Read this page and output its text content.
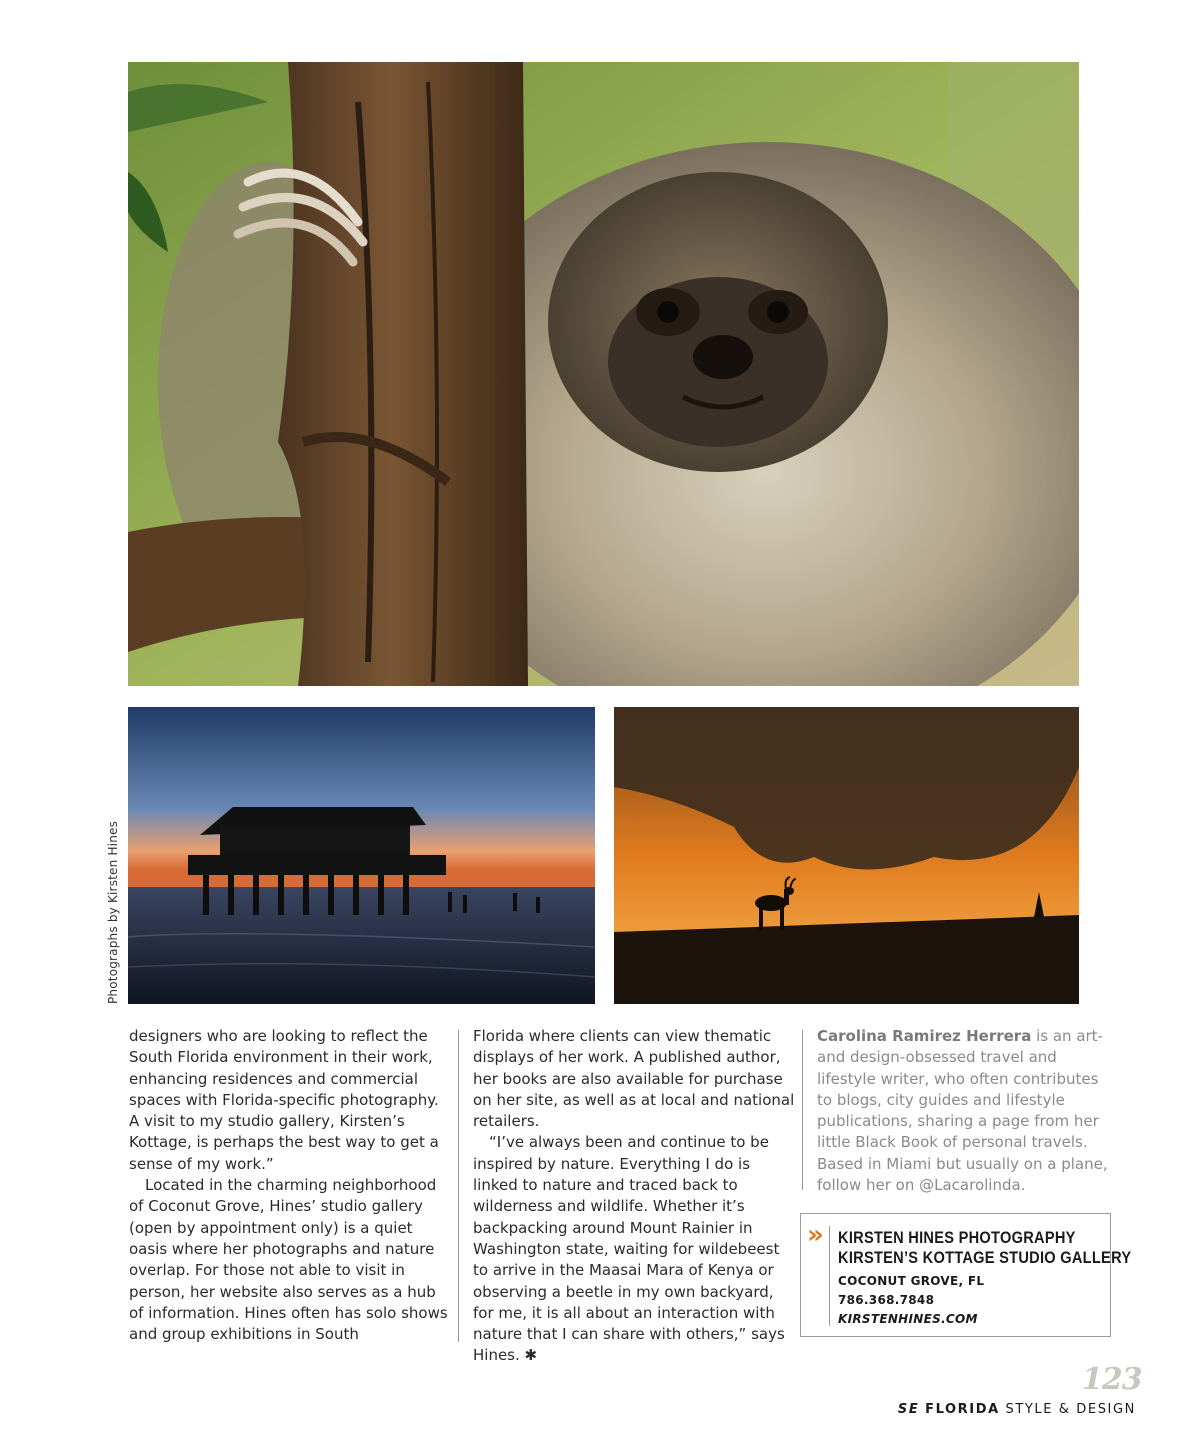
Photographs by Kirsten Hines

designers who are looking to reflect the South Florida environment in their work, enhancing residences and commercial spaces with Florida-specific photography. A visit to my studio gallery, Kirsten’s Kottage, is perhaps the best way to get a sense of my work.”

Located in the charming neighborhood of Coconut Grove, Hines’ studio gallery (open by appointment only) is a quiet oasis where her photographs and nature overlap. For those not able to visit in person, her website also serves as a hub of information. Hines often has solo shows and group exhibitions in South

Florida where clients can view thematic displays of her work. A published author, her books are also available for purchase on her site, as well as at local and national retailers.

“I’ve always been and continue to be inspired by nature. Everything I do is linked to nature and traced back to wilderness and wildlife. Whether it’s backpacking around Mount Rainier in Washington state, waiting for wildebeest to arrive in the Maasai Mara of Kenya or observing a beetle in my own backyard, for me, it is all about an interaction with nature that I can share with others,” says Hines. ✱

Carolina Ramirez Herrera is an art- and design-obsessed travel and lifestyle writer, who often contributes to blogs, city guides and lifestyle publications, sharing a page from her little Black Book of personal travels. Based in Miami but usually on a plane, follow her on @Lacarolinda.
» KIRSTEN HINES PHOTOGRAPHY
KIRSTEN’S KOTTAGE STUDIO GALLERY
COCONUT GROVE, FL
786.368.7848
KIRSTENHINES.COM
123
SE FLORIDA STYLE & DESIGN
